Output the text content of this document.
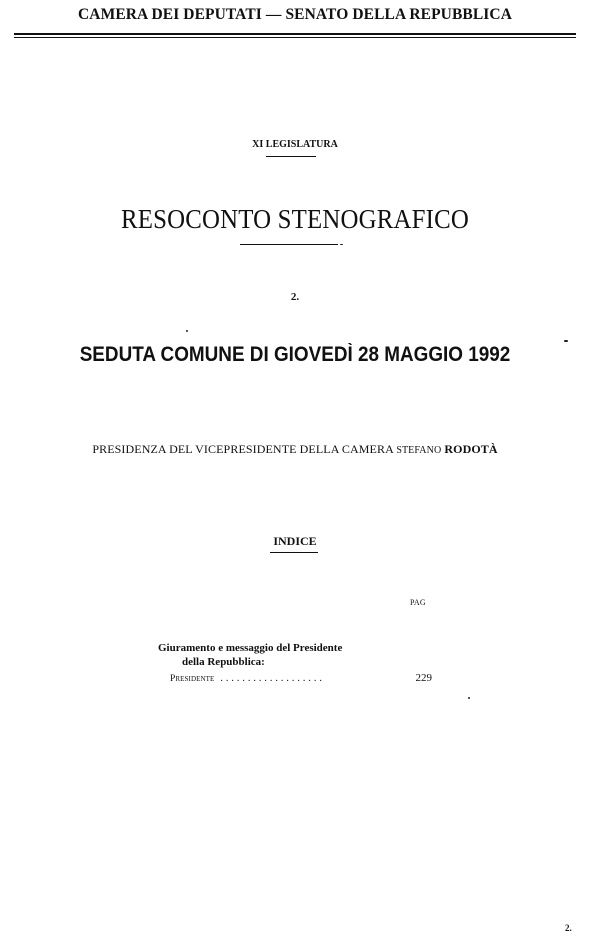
CAMERA DEI DEPUTATI — SENATO DELLA REPUBBLICA
XI LEGISLATURA
RESOCONTO STENOGRAFICO
2.
SEDUTA COMUNE DI GIOVEDÌ 28 MAGGIO 1992
PRESIDENZA DEL VICEPRESIDENTE DELLA CAMERA STEFANO RODOTÀ
INDICE
PAG
Giuramento e messaggio del Presidente
della Repubblica:
Presidente ...................	229
2.
